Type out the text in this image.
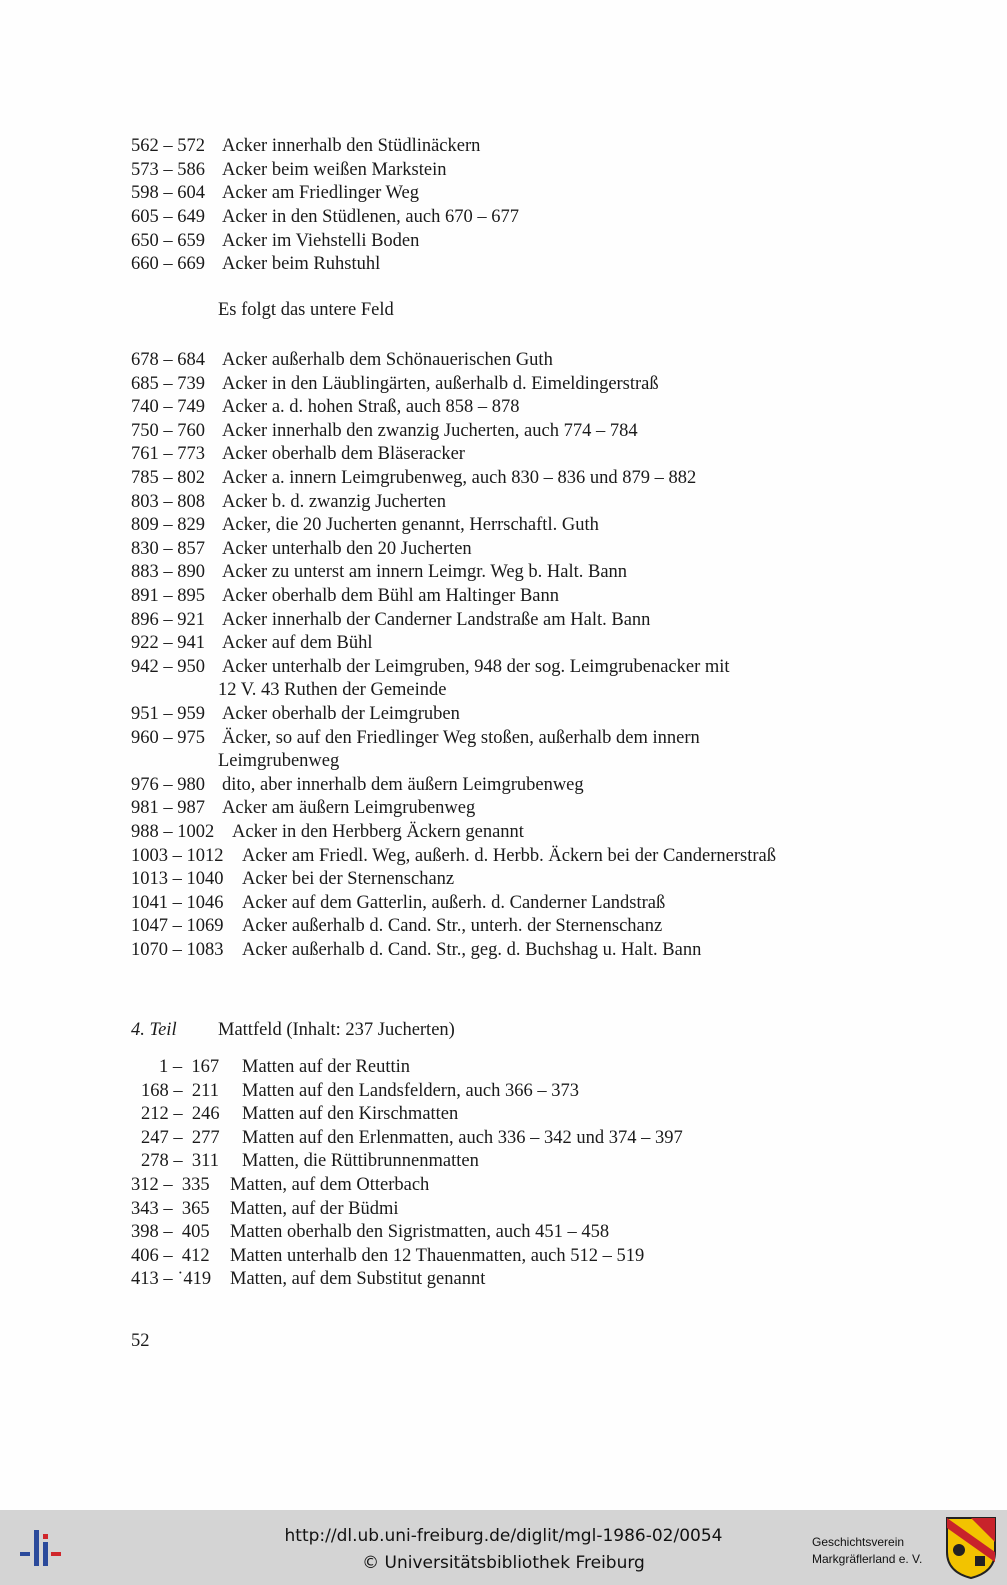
562 – 572 Acker innerhalb den Stüdlinäckern
573 – 586 Acker beim weißen Markstein
598 – 604 Acker am Friedlinger Weg
605 – 649 Acker in den Stüdlenen, auch 670 – 677
650 – 659 Acker im Viehstelli Boden
660 – 669 Acker beim Ruhstuhl
Es folgt das untere Feld
678 – 684 Acker außerhalb dem Schönauerischen Guth
685 – 739 Acker in den Läublingärten, außerhalb d. Eimeldingerstraß
740 – 749 Acker a. d. hohen Straß, auch 858 – 878
750 – 760 Acker innerhalb den zwanzig Jucherten, auch 774 – 784
761 – 773 Acker oberhalb dem Bläseracker
785 – 802 Acker a. innern Leimgrubenweg, auch 830 – 836 und 879 – 882
803 – 808 Acker b. d. zwanzig Jucherten
809 – 829 Acker, die 20 Jucherten genannt, Herrschaftl. Guth
830 – 857 Acker unterhalb den 20 Jucherten
883 – 890 Acker zu unterst am innern Leimgr. Weg b. Halt. Bann
891 – 895 Acker oberhalb dem Bühl am Haltinger Bann
896 – 921 Acker innerhalb der Canderner Landstraße am Halt. Bann
922 – 941 Acker auf dem Bühl
942 – 950 Acker unterhalb der Leimgruben, 948 der sog. Leimgrubenacker mit
12 V. 43 Ruthen der Gemeinde
951 – 959 Acker oberhalb der Leimgruben
960 – 975 Äcker, so auf den Friedlinger Weg stoßen, außerhalb dem innern
Leimgrubenweg
976 – 980 dito, aber innerhalb dem äußern Leimgrubenweg
981 – 987 Acker am äußern Leimgrubenweg
988 – 1002 Acker in den Herbberg Äckern genannt
1003 – 1012 Acker am Friedl. Weg, außerh. d. Herbb. Äckern bei der Candernerstraß
1013 – 1040 Acker bei der Sternenschanz
1041 – 1046 Acker auf dem Gatterlin, außerh. d. Canderner Landstraß
1047 – 1069 Acker außerhalb d. Cand. Str., unterh. der Sternenschanz
1070 – 1083 Acker außerhalb d. Cand. Str., geg. d. Buchshag u. Halt. Bann
4. Teil Mattfeld (Inhalt: 237 Jucherten)
1 –  167 Matten auf der Reuttin
168 –  211 Matten auf den Landsfeldern, auch 366 – 373
212 –  246 Matten auf den Kirschmatten
247 –  277 Matten auf den Erlenmatten, auch 336 – 342 und 374 – 397
278 –  311 Matten, die Rüttibrunnenmatten
312 –  335 Matten, auf dem Otterbach
343 –  365 Matten, auf der Büdmi
398 –  405 Matten oberhalb den Sigristmatten, auch 451 – 458
406 –  412 Matten unterhalb den 12 Thauenmatten, auch 512 – 519
413 – ˙419 Matten, auf dem Substitut genannt
52
http://dl.ub.uni-freiburg.de/diglit/mgl-1986-02/0054
© Universitätsbibliothek Freiburg
Geschichtsverein
Markgräflerland e. V.
